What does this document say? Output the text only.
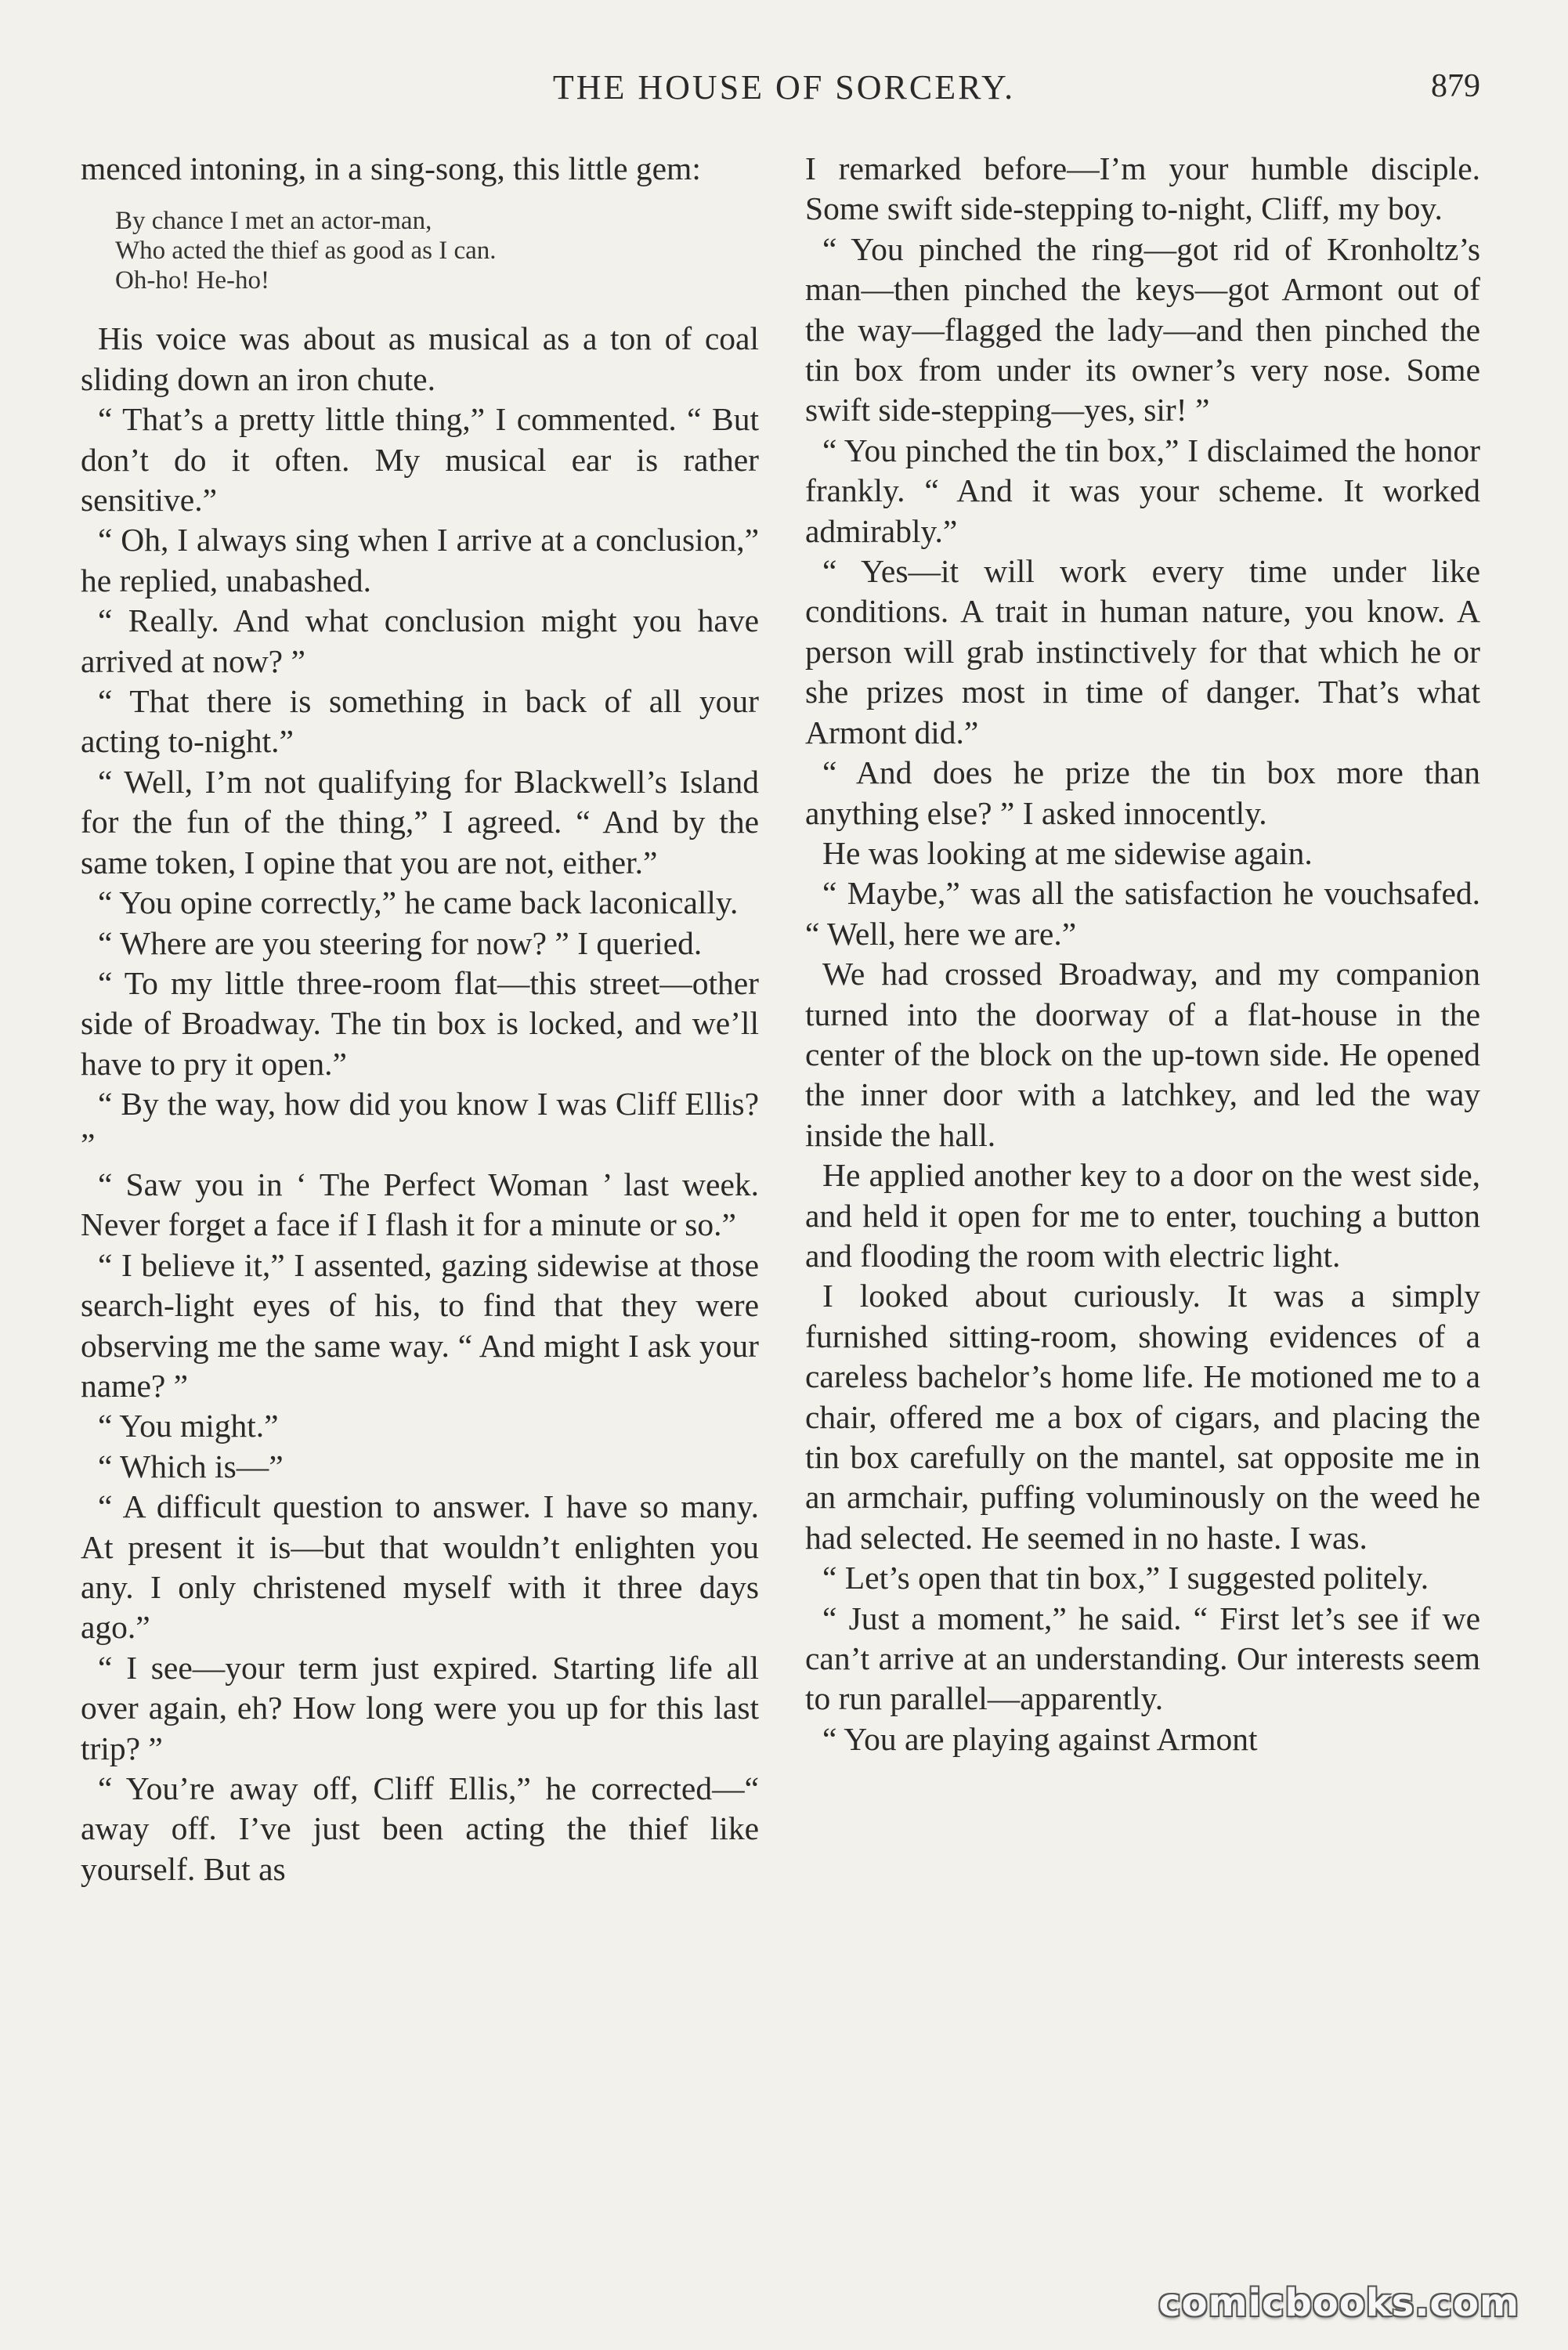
THE HOUSE OF SORCERY.	879

menced intoning, in a sing-song, this little gem:

By chance I met an actor-man,
Who acted the thief as good as I can.
Oh-ho! He-ho!

His voice was about as musical as a ton of coal sliding down an iron chute.

“ That’s a pretty little thing,” I commented. “ But don’t do it often. My musical ear is rather sensitive.”

“ Oh, I always sing when I arrive at a conclusion,” he replied, unabashed.

“ Really. And what conclusion might you have arrived at now? ”

“ That there is something in back of all your acting to-night.”

“ Well, I’m not qualifying for Blackwell’s Island for the fun of the thing,” I agreed. “ And by the same token, I opine that you are not, either.”

“ You opine correctly,” he came back laconically.

“ Where are you steering for now? ” I queried.

“ To my little three-room flat—this street—other side of Broadway. The tin box is locked, and we’ll have to pry it open.”

“ By the way, how did you know I was Cliff Ellis? ”

“ Saw you in ‘ The Perfect Woman ’ last week. Never forget a face if I flash it for a minute or so.”

“ I believe it,” I assented, gazing sidewise at those search-light eyes of his, to find that they were observing me the same way. “ And might I ask your name? ”

“ You might.”

“ Which is—”

“ A difficult question to answer. I have so many. At present it is—but that wouldn’t enlighten you any. I only christened myself with it three days ago.”

“ I see—your term just expired. Starting life all over again, eh? How long were you up for this last trip? ”

“ You’re away off, Cliff Ellis,” he corrected—“ away off. I’ve just been acting the thief like yourself. But as

I remarked before—I’m your humble disciple. Some swift side-stepping to-night, Cliff, my boy.

“ You pinched the ring—got rid of Kronholtz’s man—then pinched the keys—got Armont out of the way—flagged the lady—and then pinched the tin box from under its owner’s very nose. Some swift side-stepping—yes, sir! ”

“ You pinched the tin box,” I disclaimed the honor frankly. “ And it was your scheme. It worked admirably.”

“ Yes—it will work every time under like conditions. A trait in human nature, you know. A person will grab instinctively for that which he or she prizes most in time of danger. That’s what Armont did.”

“ And does he prize the tin box more than anything else? ” I asked innocently.

He was looking at me sidewise again.

“ Maybe,” was all the satisfaction he vouchsafed. “ Well, here we are.”

We had crossed Broadway, and my companion turned into the doorway of a flat-house in the center of the block on the up-town side. He opened the inner door with a latchkey, and led the way inside the hall.

He applied another key to a door on the west side, and held it open for me to enter, touching a button and flooding the room with electric light.

I looked about curiously. It was a simply furnished sitting-room, showing evidences of a careless bachelor’s home life. He motioned me to a chair, offered me a box of cigars, and placing the tin box carefully on the mantel, sat opposite me in an armchair, puffing voluminously on the weed he had selected. He seemed in no haste. I was.

“ Let’s open that tin box,” I suggested politely.

“ Just a moment,” he said. “ First let’s see if we can’t arrive at an understanding. Our interests seem to run parallel—apparently.

“ You are playing against Armont

comicbooks.com
